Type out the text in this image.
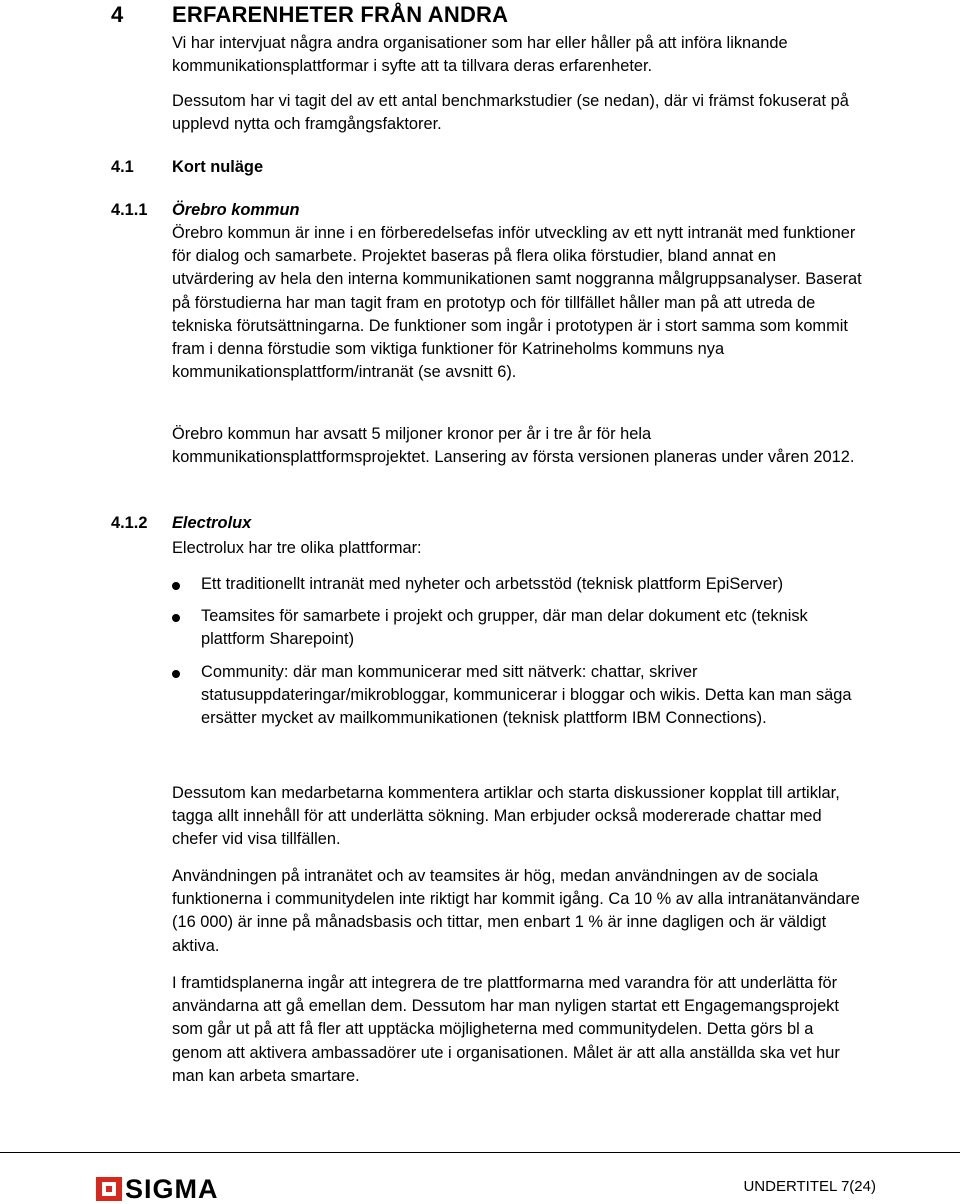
4 ERFARENHETER FRÅN ANDRA

Vi har intervjuat några andra organisationer som har eller håller på att införa liknande kommunikationsplattformar i syfte att ta tillvara deras erfarenheter.

Dessutom har vi tagit del av ett antal benchmarkstudier (se nedan), där vi främst fokuserat på upplevd nytta och framgångsfaktorer.

4.1 Kort nuläge
4.1.1 Örebro kommun

Örebro kommun är inne i en förberedelsefas inför utveckling av ett nytt intranät med funktioner för dialog och samarbete. Projektet baseras på flera olika förstudier, bland annat en utvärdering av hela den interna kommunikationen samt noggranna målgruppsanalyser. Baserat på förstudierna har man tagit fram en prototyp och för tillfället håller man på att utreda de tekniska förutsättningarna. De funktioner som ingår i prototypen är i stort samma som kommit fram i denna förstudie som viktiga funktioner för Katrineholms kommuns nya kommunikationsplattform/intranät (se avsnitt 6).

Örebro kommun har avsatt 5 miljoner kronor per år i tre år för hela kommunikationsplattformsprojektet. Lansering av första versionen planeras under våren 2012.

4.1.2 Electrolux

Electrolux har tre olika plattformar:

Ett traditionellt intranät med nyheter och arbetsstöd (teknisk plattform EpiServer)
Teamsites för samarbete i projekt och grupper, där man delar dokument etc (teknisk plattform Sharepoint)
Community: där man kommunicerar med sitt nätverk: chattar, skriver statusuppdateringar/mikrobloggar, kommunicerar i bloggar och wikis. Detta kan man säga ersätter mycket av mailkommunikationen (teknisk plattform IBM Connections).

Dessutom kan medarbetarna kommentera artiklar och starta diskussioner kopplat till artiklar, tagga allt innehåll för att underlätta sökning. Man erbjuder också modererade chattar med chefer vid visa tillfällen.

Användningen på intranätet och av teamsites är hög, medan användningen av de sociala funktionerna i communitydelen inte riktigt har kommit igång. Ca 10 % av alla intranätanvändare (16 000) är inne på månadsbasis och tittar, men enbart 1 % är inne dagligen och är väldigt aktiva.

I framtidsplanerna ingår att integrera de tre plattformarna med varandra för att underlätta för användarna att gå emellan dem. Dessutom har man nyligen startat ett Engagemangsprojekt som går ut på att få fler att upptäcka möjligheterna med communitydelen. Detta görs bl a genom att aktivera ambassadörer ute i organisationen. Målet är att alla anställda ska vet hur man kan arbeta smartare.

SIGMA	UNDERTITEL 7(24)
